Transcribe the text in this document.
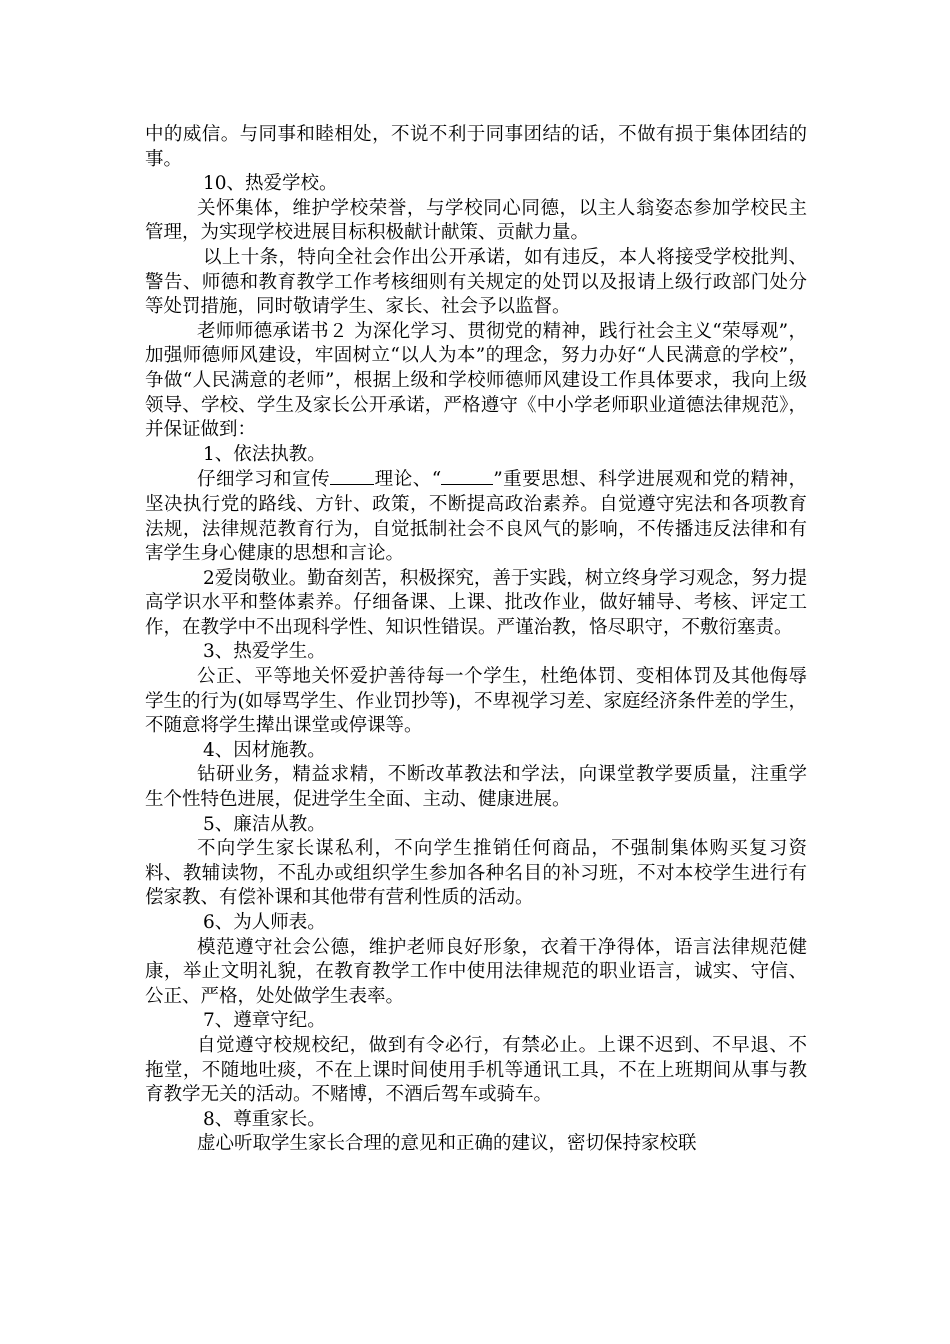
中的威信。与同事和睦相处，不说不利于同事团结的话，不做有损于集体团结的事。

10、热爱学校。

关怀集体，维护学校荣誉，与学校同心同德，以主人翁姿态参加学校民主管理，为实现学校进展目标积极献计献策、贡献力量。

以上十条，特向全社会作出公开承诺，如有违反，本人将接受学校批判、警告、师德和教育教学工作考核细则有关规定的处罚以及报请上级行政部门处分等处罚措施，同时敬请学生、家长、社会予以监督。

老师师德承诺书２ 为深化学习、贯彻党的精神，践行社会主义“荣辱观”，加强师德师风建设，牢固树立“以人为本”的理念，努力办好“人民满意的学校”，争做“人民满意的老师”，根据上级和学校师德师风建设工作具体要求，我向上级领导、学校、学生及家长公开承诺，严格遵守《中小学老师职业道德法律规范》，并保证做到：

1、依法执教。

仔细学习和宣传 理论、“	”重要思想、科学进展观和党的精神，坚决执行党的路线、方针、政策，不断提高政治素养。自觉遵守宪法和各项教育法规，法律规范教育行为，自觉抵制社会不良风气的影响，不传播违反法律和有害学生身心健康的思想和言论。

2爱岗敬业。勤奋刻苦，积极探究，善于实践，树立终身学习观念，努力提高学识水平和整体素养。仔细备课、上课、批改作业，做好辅导、考核、评定工作，在教学中不出现科学性、知识性错误。严谨治教，恪尽职守，不敷衍塞责。

3、热爱学生。

公正、平等地关怀爱护善待每一个学生，杜绝体罚、变相体罚及其他侮辱学生的行为(如辱骂学生、作业罚抄等)，不卑视学习差、家庭经济条件差的学生，不随意将学生撵出课堂或停课等。

4、因材施教。

钻研业务，精益求精，不断改革教法和学法，向课堂教学要质量，注重学生个性特色进展，促进学生全面、主动、健康进展。

5、廉洁从教。

不向学生家长谋私利，不向学生推销任何商品，不强制集体购买复习资料、教辅读物，不乱办或组织学生参加各种名目的补习班，不对本校学生进行有偿家教、有偿补课和其他带有营利性质的活动。

6、为人师表。

模范遵守社会公德，维护老师良好形象，衣着干净得体，语言法律规范健康，举止文明礼貌，在教育教学工作中使用法律规范的职业语言，诚实、守信、公正、严格，处处做学生表率。

7、遵章守纪。

自觉遵守校规校纪，做到有令必行，有禁必止。上课不迟到、不早退、不拖堂，不随地吐痰，不在上课时间使用手机等通讯工具，不在上班期间从事与教育教学无关的活动。不赌博，不酒后驾车或骑车。

8、尊重家长。

虚心听取学生家长合理的意见和正确的建议，密切保持家校联
